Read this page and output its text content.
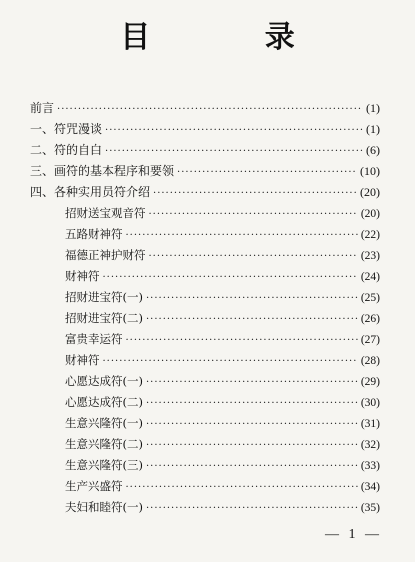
目 录
前言 ·····	(1)
一、符咒漫谈 ·····	(1)
二、符的自白 ·····	(6)
三、画符的基本程序和要领 ·····	(10)
四、各种实用员符介绍 ·····	(20)
招财送宝观音符 ·····	(20)
五路财神符 ·····	(22)
福德正神护财符 ·····	(23)
财神符 ·····	(24)
招财进宝符(一) ·····	(25)
招财进宝符(二) ·····	(26)
富贵幸运符 ·····	(27)
财神符 ·····	(28)
心愿达成符(一) ·····	(29)
心愿达成符(二) ·····	(30)
生意兴隆符(一) ·····	(31)
生意兴隆符(二) ·····	(32)
生意兴隆符(三) ·····	(33)
生产兴盛符 ·····	(34)
夫妇和睦符(一) ·····	(35)
— 1 —
